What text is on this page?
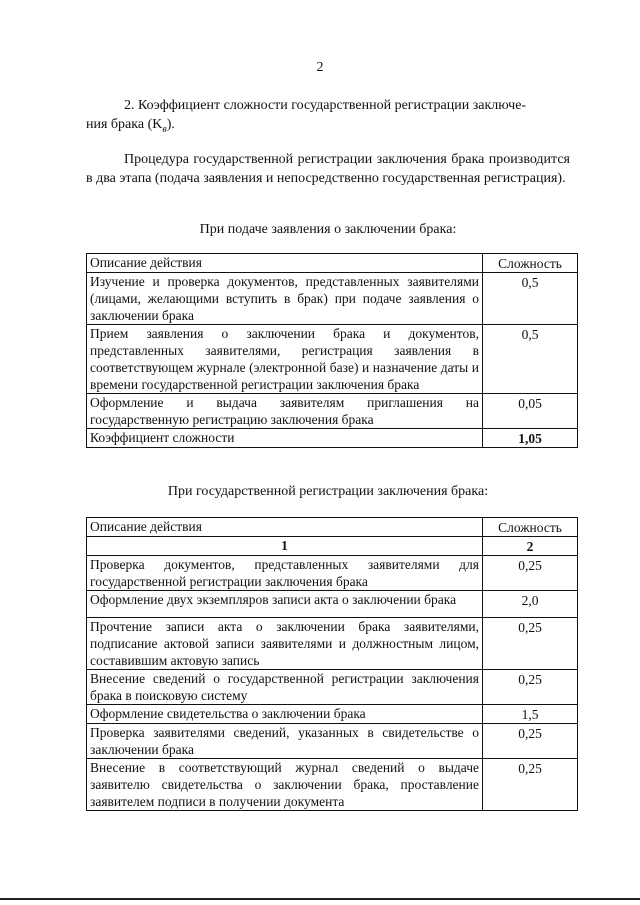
2
2. Коэффициент сложности государственной регистрации заключе-
ния брака $(K_в)$.
Процедура государственной регистрации заключения брака производится в два этапа (подача заявления и непосредственно государственная регистрация).
При подаче заявления о заключении брака:
Описание действия	Сложность
Изучение и проверка документов, представленных заявителями (лицами, желающими вступить в брак) при подаче заявления о заключении брака	0,5
Прием заявления о заключении брака и документов, представленных заявителями, регистрация заявления в соответствующем журнале (электронной базе) и назначение даты и времени государственной регистрации заключения брака	0,5
Оформление и выдача заявителям приглашения на государственную регистрацию заключения брака	0,05
Коэффициент сложности	1,05
При государственной регистрации заключения брака:
Описание действия	Сложность
1	2
Проверка документов, представленных заявителями для государственной регистрации заключения брака	0,25
Оформление двух экземпляров записи акта о заключении брака	2,0
Прочтение записи акта о заключении брака заявителями, подписание актовой записи заявителями и должностным лицом, составившим актовую запись	0,25
Внесение сведений о государственной регистрации заключения брака в поисковую систему	0,25
Оформление свидетельства о заключении брака	1,5
Проверка заявителями сведений, указанных в свидетельстве о заключении брака	0,25
Внесение в соответствующий журнал сведений о выдаче заявителю свидетельства о заключении брака, проставление заявителем подписи в получении документа	0,25
